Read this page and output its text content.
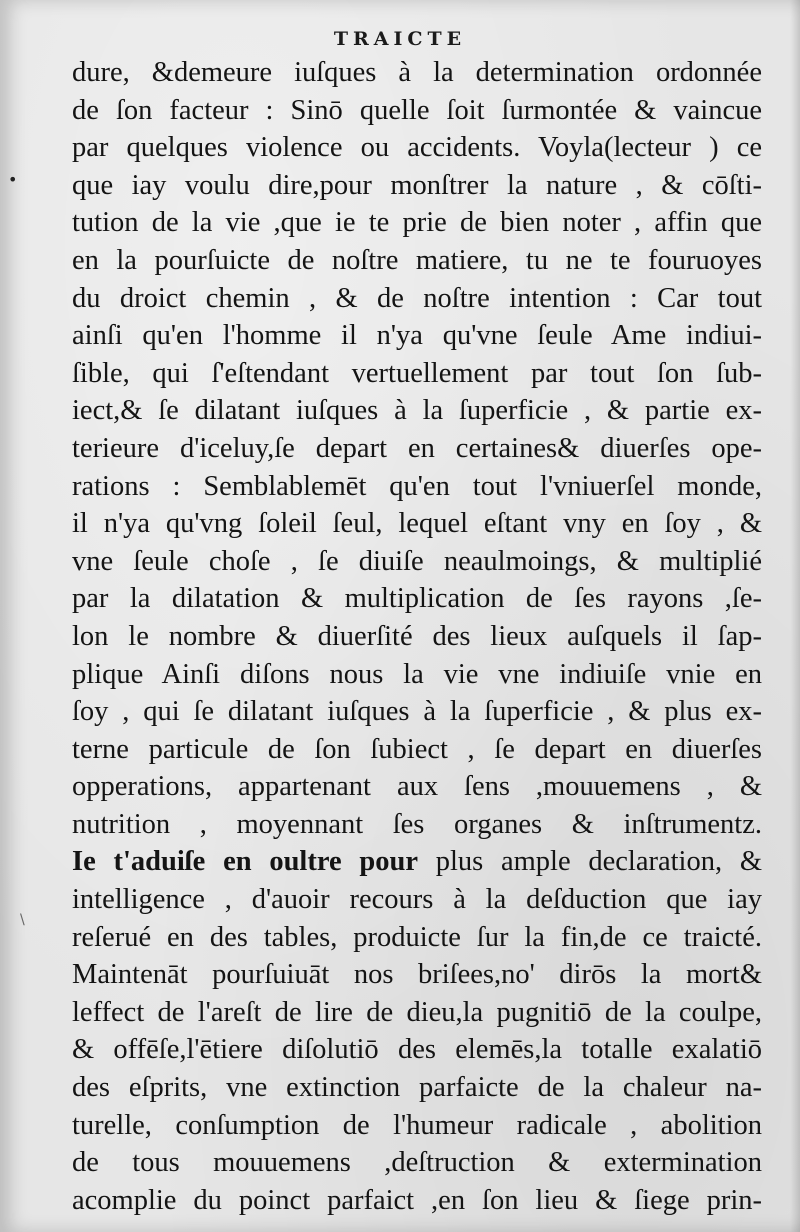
TRAICTE
•
\
dure, &demeure iuſques à la determination ordonnée
de ſon facteur : Sinō quelle ſoit ſurmontée & vaincue
par quelques violence ou accidents. Voyla(lecteur ) ce
que iay voulu dire,pour monſtrer la nature , & cōſti-
tution de la vie ,que ie te prie de bien noter , affin que
en la pourſuicte de noſtre matiere, tu ne te fouruoyes
du droict chemin , & de noſtre intention : Car tout
ainſi qu'en l'homme il n'ya qu'vne ſeule Ame indiui-
ſible, qui ſ'eſtendant vertuellement par tout ſon ſub-
iect,& ſe dilatant iuſques à la ſuperficie , & partie ex-
terieure d'iceluy,ſe depart en certaines& diuerſes ope-
rations : Semblablemēt qu'en tout l'vniuerſel monde,
il n'ya qu'vng ſoleil ſeul, lequel eſtant vny en ſoy , &
vne ſeule choſe , ſe diuiſe neaulmoings, & multiplié
par la dilatation & multiplication de ſes rayons ,ſe-
lon le nombre & diuerſité des lieux auſquels il ſap-
plique Ainſi diſons nous la vie vne indiuiſe vnie en
ſoy , qui ſe dilatant iuſques à la ſuperficie , & plus ex-
terne particule de ſon ſubiect , ſe depart en diuerſes
opperations, appartenant aux ſens ,mouuemens , &
nutrition , moyennant ſes organes & inſtrumentz.
Ie t'aduiſe en oultre pour plus ample declaration, &
intelligence , d'auoir recours à la deſduction que iay
reſerué en des tables, produicte ſur la fin,de ce traicté.
Maintenāt pourſuiuāt nos briſees,no' dirōs la mort&
leffect de l'areſt de lire de dieu,la pugnitiō de la coulpe,
& offēſe,l'ētiere diſolutiō des elemēs,la totalle exalatiō
des eſprits, vne extinction parfaicte de la chaleur na-
turelle, conſumption de l'humeur radicale , abolition
de tous mouuemens ,deſtruction & extermination
acomplie du poinct parfaict ,en ſon lieu & ſiege prin-
